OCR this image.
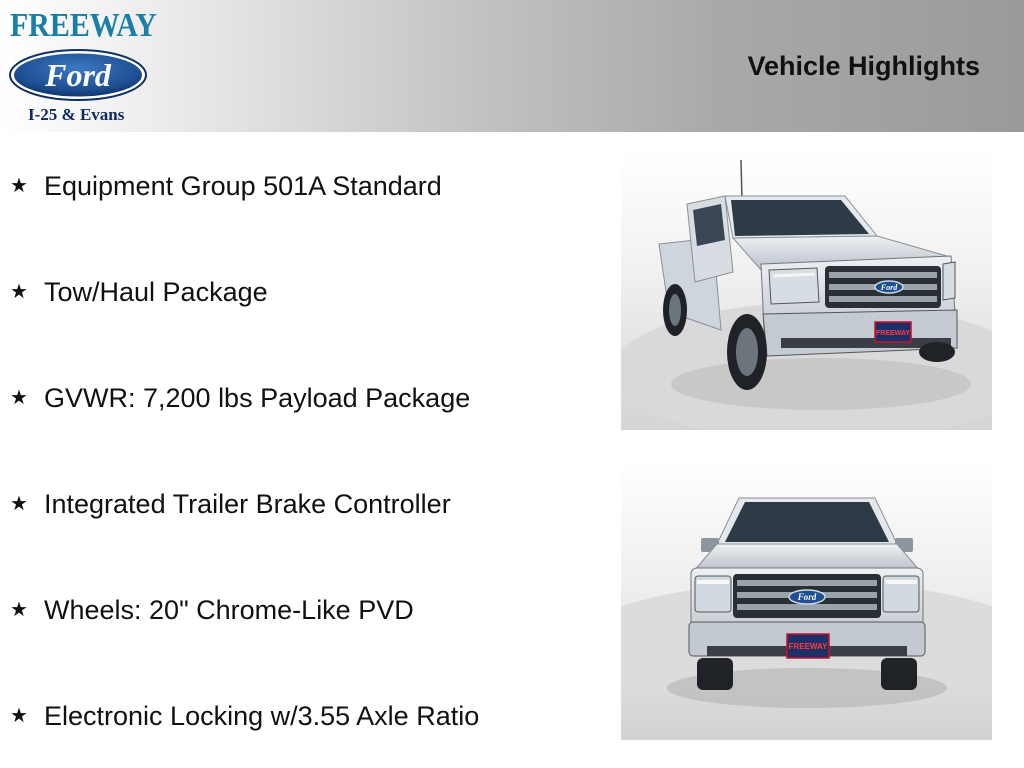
FREEWAY
Ford
I-25 & Evans
Vehicle Highlights
★ Equipment Group 501A Standard
★ Tow/Haul Package
★ GVWR: 7,200 lbs Payload Package
★ Integrated Trailer Brake Controller
★ Wheels: 20" Chrome-Like PVD
★ Electronic Locking w/3.55 Axle Ratio
Ford
FREEWAY
Ford
FREEWAY
